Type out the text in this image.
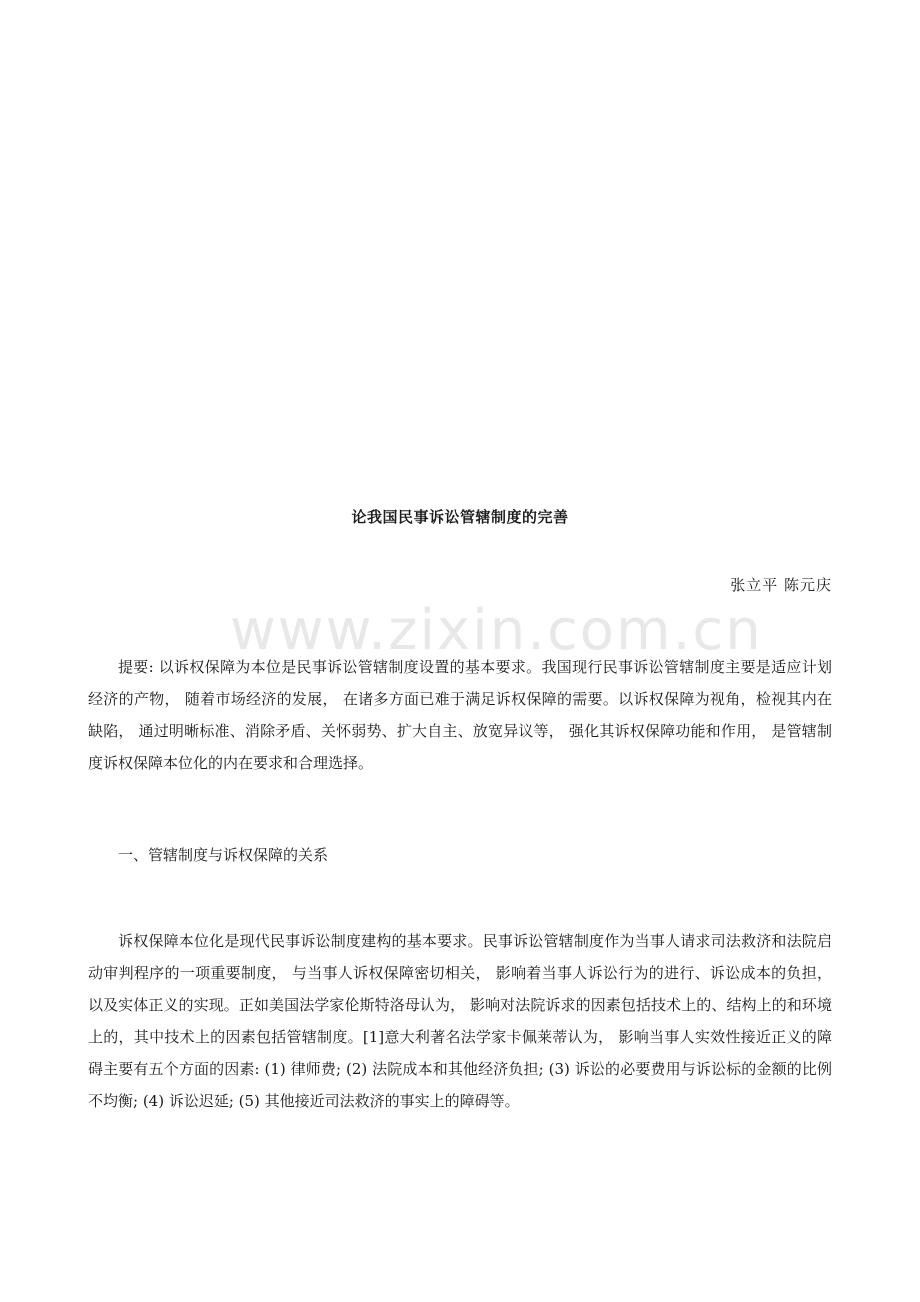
www.zixin.com.cn
论我国民事诉讼管辖制度的完善
张立平 陈元庆

提要: 以诉权保障为本位是民事诉讼管辖制度设置的基本要求。我国现行民事诉讼管辖制度主要是适应计划经济的产物， 随着市场经济的发展， 在诸多方面已难于满足诉权保障的需要。以诉权保障为视角，检视其内在缺陷， 通过明晰标准、消除矛盾、关怀弱势、扩大自主、放宽异议等， 强化其诉权保障功能和作用， 是管辖制度诉权保障本位化的内在要求和合理选择。

一、管辖制度与诉权保障的关系

诉权保障本位化是现代民事诉讼制度建构的基本要求。民事诉讼管辖制度作为当事人请求司法救济和法院启动审判程序的一项重要制度， 与当事人诉权保障密切相关， 影响着当事人诉讼行为的进行、诉讼成本的负担， 以及实体正义的实现。正如美国法学家伦斯特洛母认为， 影响对法院诉求的因素包括技术上的、结构上的和环境上的，其中技术上的因素包括管辖制度。[1]意大利著名法学家卡佩莱蒂认为， 影响当事人实效性接近正义的障碍主要有五个方面的因素: (1) 律师费; (2) 法院成本和其他经济负担; (3) 诉讼的必要费用与诉讼标的金额的比例不均衡; (4) 诉讼迟延; (5) 其他接近司法救济的事实上的障碍等。
